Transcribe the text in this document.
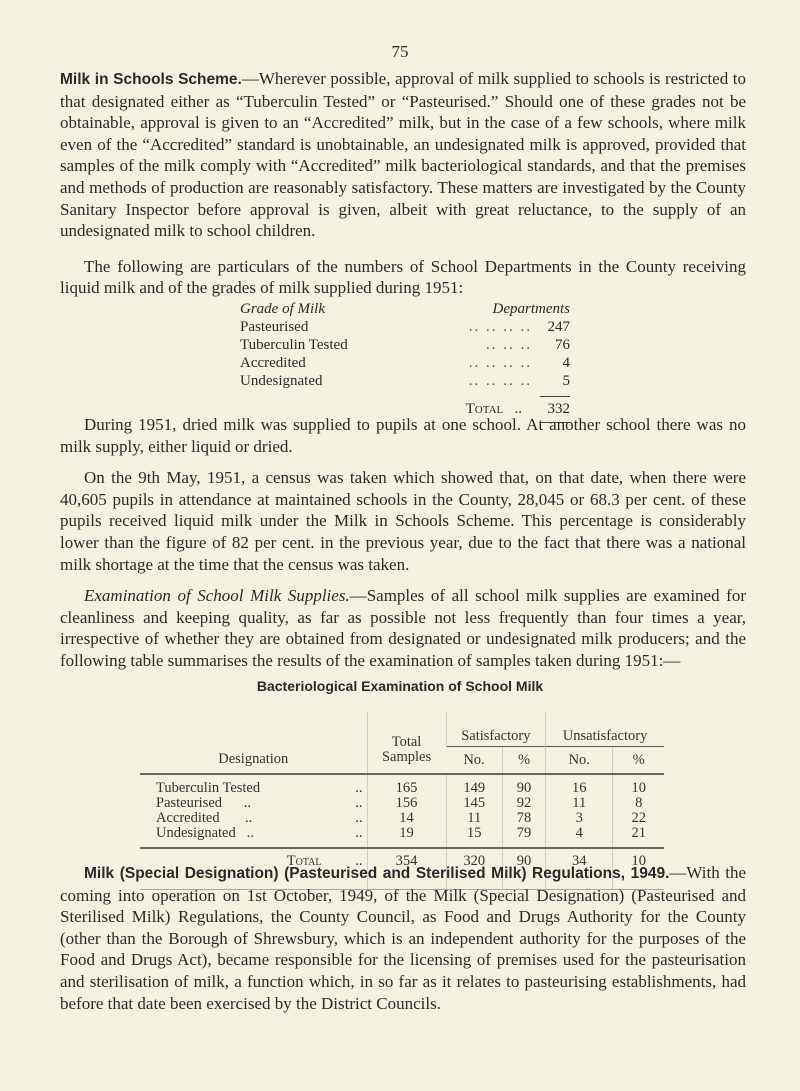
75

Milk in Schools Scheme.—Wherever possible, approval of milk supplied to schools is restricted to that designated either as “Tuberculin Tested” or “Pasteurised.” Should one of these grades not be obtainable, approval is given to an “Accredited” milk, but in the case of a few schools, where milk even of the “Accredited” standard is unobtainable, an undesignated milk is approved, provided that samples of the milk comply with “Accredited” milk bacteriological standards, and that the premises and methods of production are reasonably satisfactory. These matters are investigated by the County Sanitary Inspector before approval is given, albeit with great reluctance, to the supply of an undesignated milk to school children.

The following are particulars of the numbers of School Departments in the County receiving liquid milk and of the grades of milk supplied during 1951:

Grade of Milk	Departments
Pasteurised	.. .. .. ..	247
Tuberculin Tested	.. .. ..	76
Accredited	.. .. .. ..	4
Undesignated	.. .. .. ..	5
Total ..	332

During 1951, dried milk was supplied to pupils at one school. At another school there was no milk supply, either liquid or dried.

On the 9th May, 1951, a census was taken which showed that, on that date, when there were 40,605 pupils in attendance at maintained schools in the County, 28,045 or 68.3 per cent. of these pupils received liquid milk under the Milk in Schools Scheme. This percentage is considerably lower than the figure of 82 per cent. in the previous year, due to the fact that there was a national milk shortage at the time that the census was taken.

Examination of School Milk Supplies.—Samples of all school milk supplies are examined for cleanliness and keeping quality, as far as possible not less frequently than four times a year, irrespective of whether they are obtained from designated or undesignated milk producers; and the following table summarises the results of the examination of samples taken during 1951:—

Bacteriological Examination of School Milk
Designation		Total Samples	Satisfactory		Unsatisfactory	
			No.	%	No.	%
Tuberculin Tested	..	165	149	90	16	10
Pasteurised      ..	..	156	145	92	11	8
Accredited       ..	..	14	11	78	3	22
Undesignated   ..	..	19	15	79	4	21
Total	..	354	320	90	34	10

Milk (Special Designation) (Pasteurised and Sterilised Milk) Regulations, 1949.—With the coming into operation on 1st October, 1949, of the Milk (Special Designation) (Pasteurised and Sterilised Milk) Regulations, the County Council, as Food and Drugs Authority for the County (other than the Borough of Shrewsbury, which is an independent authority for the purposes of the Food and Drugs Act), became responsible for the licensing of premises used for the pasteurisation and sterilisation of milk, a function which, in so far as it relates to pasteurising establishments, had before that date been exercised by the District Councils.
